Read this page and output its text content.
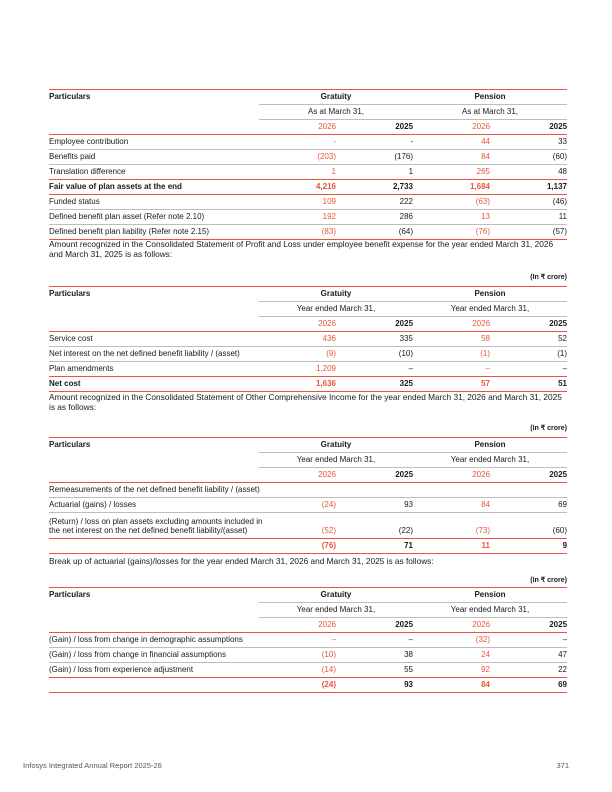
Particulars	Gratuity		Pension	
	As at March 31,		As at March 31,	
	2026	2025	2026	2025
Employee contribution	-	-	44	33
Benefits paid	(203)	(176)	84	(60)
Translation difference	1	1	265	48
Fair value of plan assets at the end	4,216	2,733	1,684	1,137
Funded status	109	222	(63)	(46)
Defined benefit plan asset (Refer note 2.10)	192	286	13	11
Defined benefit plan liability (Refer note 2.15)	(83)	(64)	(76)	(57)

Amount recognized in the Consolidated Statement of Profit and Loss under employee benefit expense for the year ended March 31, 2026 and March 31, 2025 is as follows:

(In ₹ crore)
Particulars	Gratuity		Pension	
	Year ended March 31,		Year ended March 31,	
	2026	2025	2026	2025
Service cost	436	335	58	52
Net interest on the net defined benefit liability / (asset)	(9)	(10)	(1)	(1)
Plan amendments	1,209	–	–	–
Net cost	1,636	325	57	51

Amount recognized in the Consolidated Statement of Other Comprehensive Income for the year ended March 31, 2026 and March 31, 2025 is as follows:

(In ₹ crore)
Particulars	Gratuity		Pension	
	Year ended March 31,		Year ended March 31,	
	2026	2025	2026	2025
Remeasurements of the net defined benefit liability / (asset)				
Actuarial (gains) / losses	(24)	93	84	69
(Return) / loss on plan assets excluding amounts included in
the net interest on the net defined benefit liability/(asset)	(52)	(22)	(73)	(60)
	(76)	71	11	9

Break up of actuarial (gains)/losses for the year ended March 31, 2026 and March 31, 2025 is as follows:

(In ₹ crore)
Particulars	Gratuity		Pension	
	Year ended March 31,		Year ended March 31,	
	2026	2025	2026	2025
(Gain) / loss from change in demographic assumptions	–	–	(32)	–
(Gain) / loss from change in financial assumptions	(10)	38	24	47
(Gain) / loss from experience adjustment	(14)	55	92	22
	(24)	93	84	69
Infosys Integrated Annual Report 2025-26	371
